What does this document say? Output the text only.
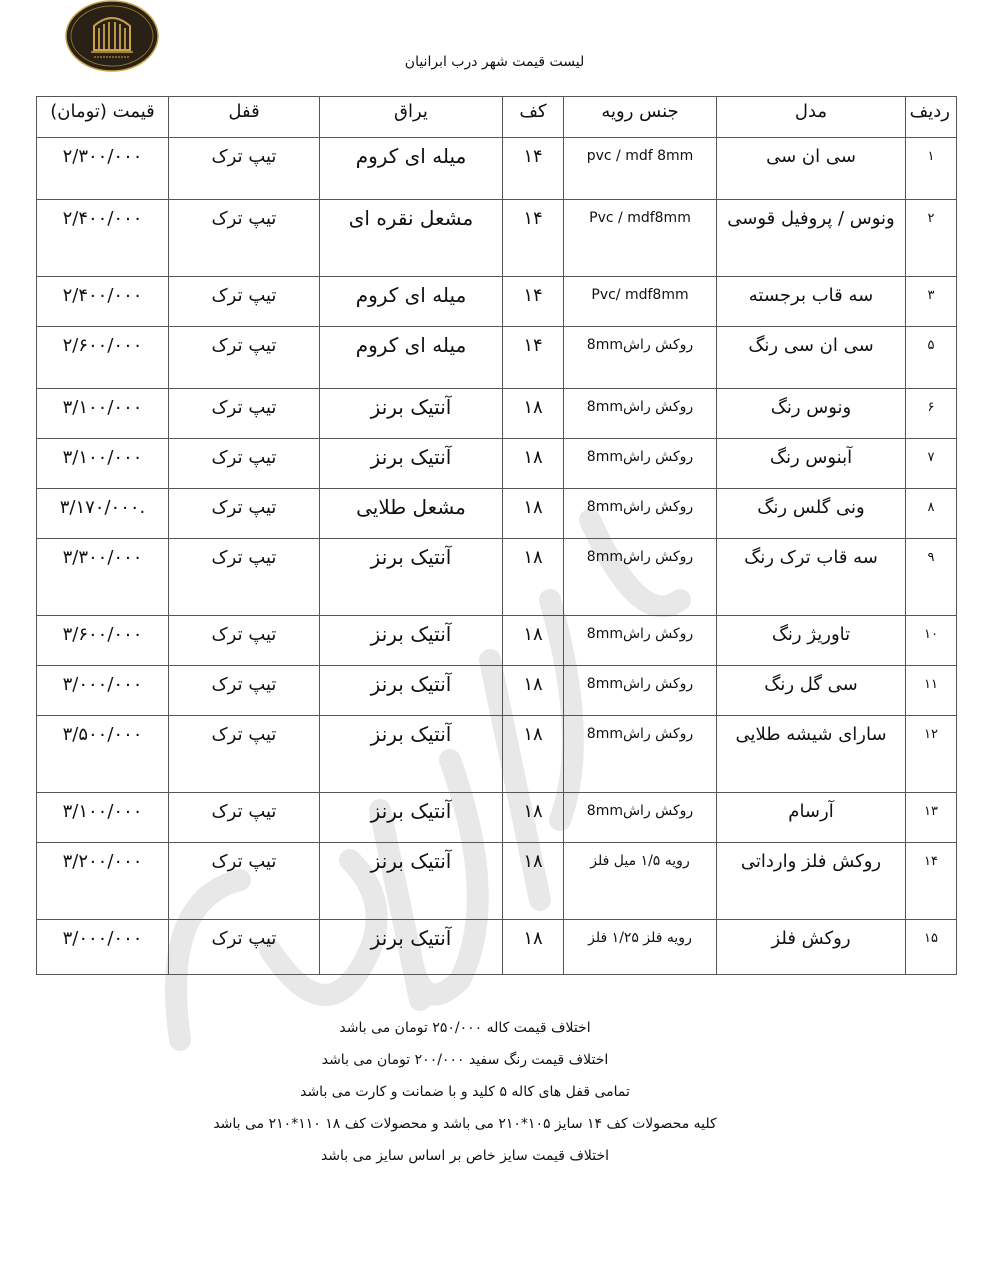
لیست قیمت شهر درب ابرانیان
ردیف	مدل	جنس رویه	کف	یراق	قفل	قیمت (تومان)
۱	سی ان سی	pvc / mdf 8mm	۱۴	میله ای کروم	تیپ ترک	۲/۳۰۰/۰۰۰
۲	ونوس / پروفیل قوسی	Pvc / mdf8mm	۱۴	مشعل نقره ای	تیپ ترک	۲/۴۰۰/۰۰۰
۳	سه قاب برجسته	Pvc/ mdf8mm	۱۴	میله ای کروم	تیپ ترک	۲/۴۰۰/۰۰۰
۵	سی ان سی رنگ	8mmروکش راش	۱۴	میله ای کروم	تیپ ترک	۲/۶۰۰/۰۰۰
۶	ونوس رنگ	8mmروکش راش	۱۸	آنتیک برنز	تیپ ترک	۳/۱۰۰/۰۰۰
۷	آبنوس رنگ	8mmروکش راش	۱۸	آنتیک برنز	تیپ ترک	۳/۱۰۰/۰۰۰
۸	ونی گلس رنگ	8mmروکش راش	۱۸	مشعل طلایی	تیپ ترک	۳/۱۷۰/۰۰۰.
۹	سه قاب ترک رنگ	8mmروکش راش	۱۸	آنتیک برنز	تیپ ترک	۳/۳۰۰/۰۰۰
۱۰	تاوریژ رنگ	8mmروکش راش	۱۸	آنتیک برنز	تیپ ترک	۳/۶۰۰/۰۰۰
۱۱	سی گل رنگ	8mmروکش راش	۱۸	آنتیک برنز	تیپ ترک	۳/۰۰۰/۰۰۰
۱۲	سارای شیشه طلایی	8mmروکش راش	۱۸	آنتیک برنز	تیپ ترک	۳/۵۰۰/۰۰۰
۱۳	آرسام	8mmروکش راش	۱۸	آنتیک برنز	تیپ ترک	۳/۱۰۰/۰۰۰
۱۴	روکش فلز وارداتی	رویه ۱/۵ میل فلز	۱۸	آنتیک برنز	تیپ ترک	۳/۲۰۰/۰۰۰
۱۵	روکش فلز	رویه فلز ۱/۲۵ فلز	۱۸	آنتیک برنز	تیپ ترک	۳/۰۰۰/۰۰۰
اختلاف قیمت کاله ۲۵۰/۰۰۰ تومان می باشد
اختلاف قیمت رنگ سفید ۲۰۰/۰۰۰ تومان می باشد
تمامی قفل های کاله ۵ کلید و با ضمانت و کارت می باشد
کلیه محصولات کف ۱۴ سایز ۱۰۵*۲۱۰ می باشد و محصولات کف ۱۸ ۱۱۰*۲۱۰ می باشد
اختلاف قیمت سایز خاص بر اساس سایز می باشد
